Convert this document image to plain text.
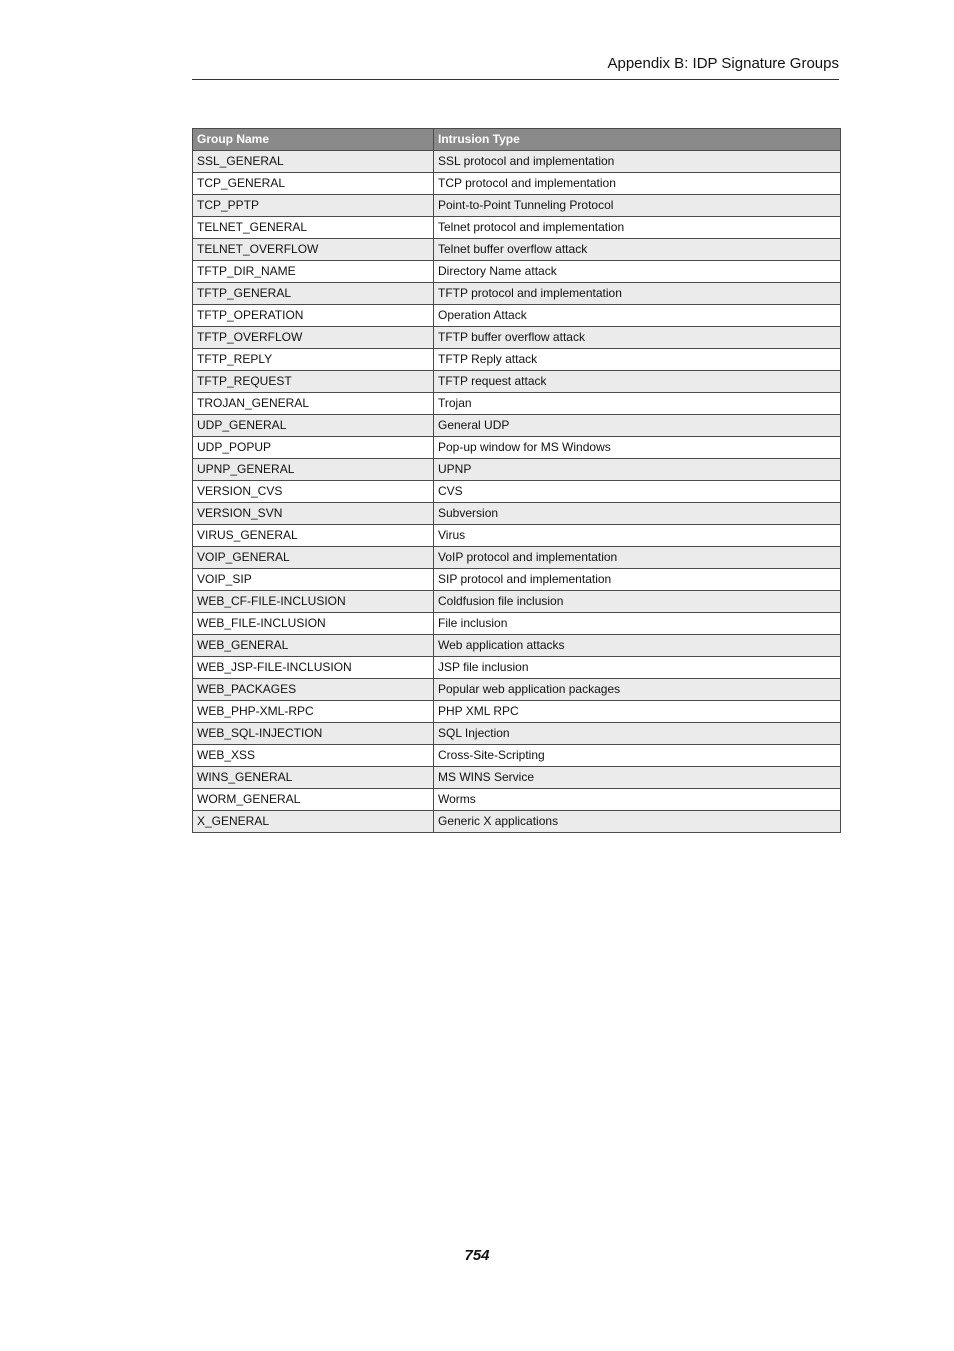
Appendix B: IDP Signature Groups
Group Name	Intrusion Type
SSL_GENERAL	SSL protocol and implementation
TCP_GENERAL	TCP protocol and implementation
TCP_PPTP	Point-to-Point Tunneling Protocol
TELNET_GENERAL	Telnet protocol and implementation
TELNET_OVERFLOW	Telnet buffer overflow attack
TFTP_DIR_NAME	Directory Name attack
TFTP_GENERAL	TFTP protocol and implementation
TFTP_OPERATION	Operation Attack
TFTP_OVERFLOW	TFTP buffer overflow attack
TFTP_REPLY	TFTP Reply attack
TFTP_REQUEST	TFTP request attack
TROJAN_GENERAL	Trojan
UDP_GENERAL	General UDP
UDP_POPUP	Pop-up window for MS Windows
UPNP_GENERAL	UPNP
VERSION_CVS	CVS
VERSION_SVN	Subversion
VIRUS_GENERAL	Virus
VOIP_GENERAL	VoIP protocol and implementation
VOIP_SIP	SIP protocol and implementation
WEB_CF-FILE-INCLUSION	Coldfusion file inclusion
WEB_FILE-INCLUSION	File inclusion
WEB_GENERAL	Web application attacks
WEB_JSP-FILE-INCLUSION	JSP file inclusion
WEB_PACKAGES	Popular web application packages
WEB_PHP-XML-RPC	PHP XML RPC
WEB_SQL-INJECTION	SQL Injection
WEB_XSS	Cross-Site-Scripting
WINS_GENERAL	MS WINS Service
WORM_GENERAL	Worms
X_GENERAL	Generic X applications
754
